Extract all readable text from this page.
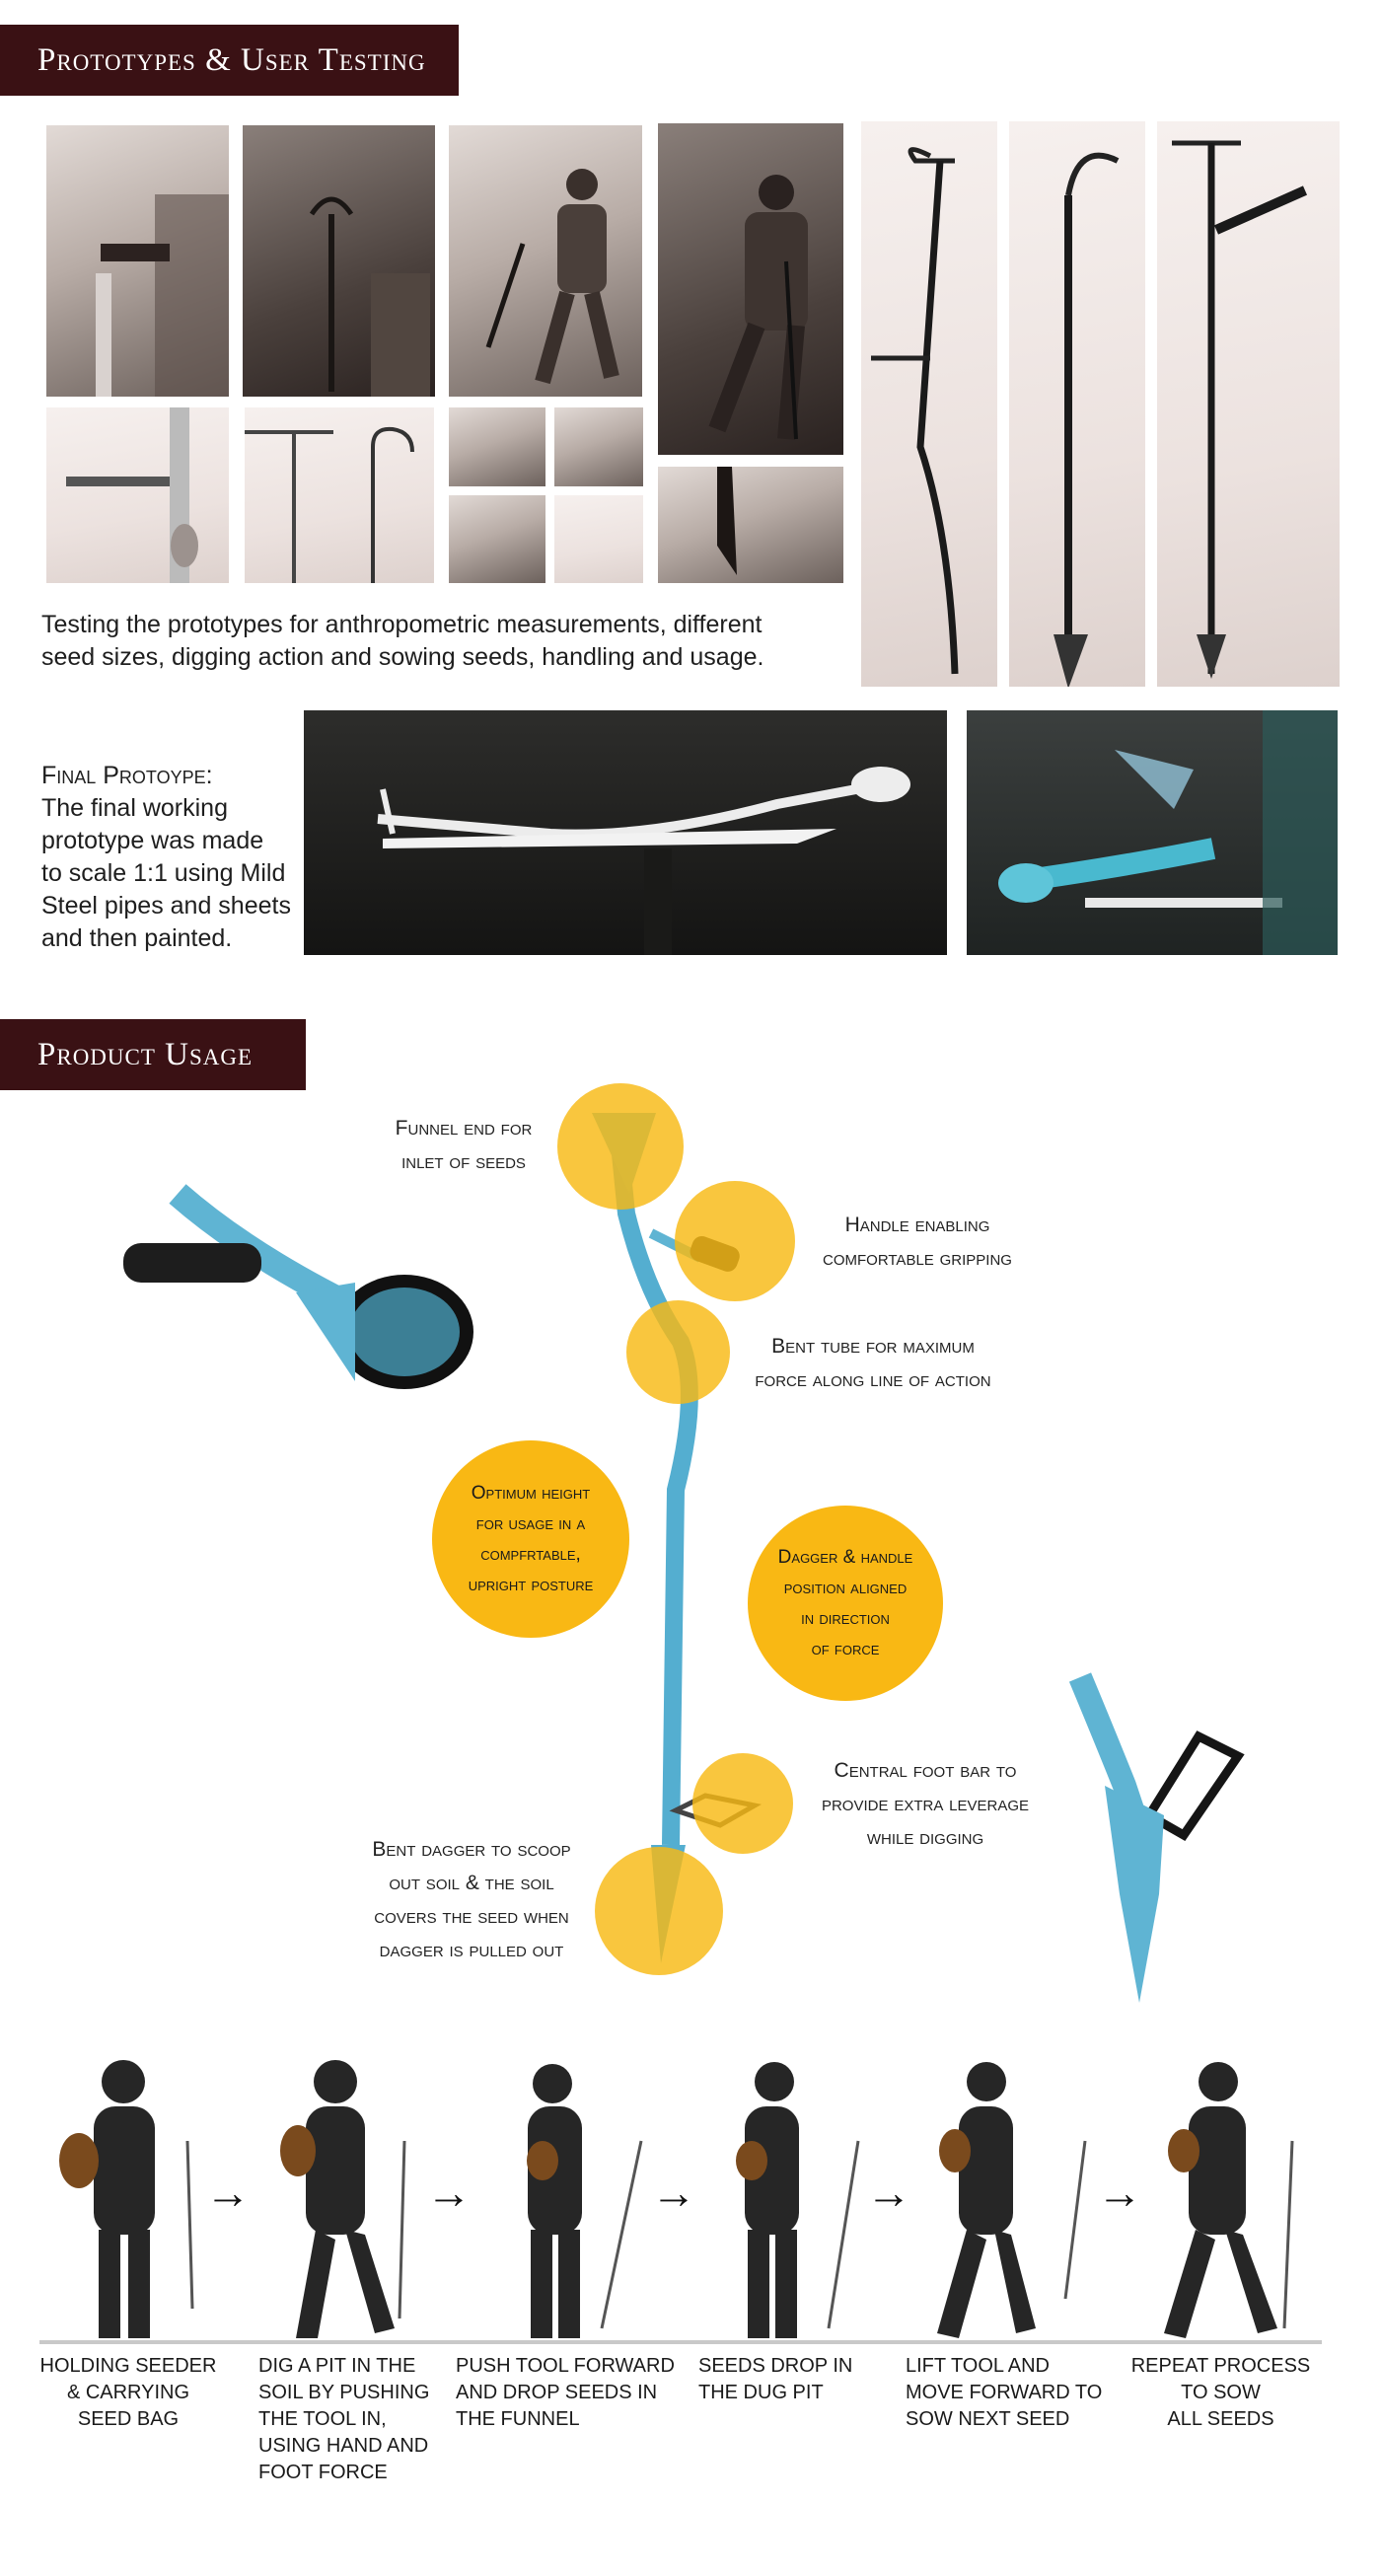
Prototypes & User Testing
Testing the prototypes for anthropometric measurements, different
seed sizes, digging action and sowing seeds, handling and usage.
Final Protoype:
The final working
prototype was made
to scale 1:1 using Mild
Steel pipes and sheets
and then painted.
Product Usage
Funnel end for
inlet of seeds
Handle enabling
comfortable gripping
Bent tube for maximum
force along line of action
Central foot bar to
provide extra leverage
while digging
Bent dagger to scoop
out soil & the soil
covers the seed when
dagger is pulled out
Optimum height
for usage in a
compfrtable,
upright posture
Dagger & handle
position aligned
in direction
of force
→	→	→	→	→
HOLDING SEEDER
& CARRYING
SEED BAG
DIG A PIT IN THE
SOIL BY PUSHING
THE TOOL IN,
USING HAND AND
FOOT FORCE
PUSH TOOL FORWARD
AND DROP SEEDS IN
THE FUNNEL
SEEDS DROP IN
THE DUG PIT
LIFT TOOL AND
MOVE FORWARD TO
SOW NEXT SEED
REPEAT PROCESS
TO SOW
ALL SEEDS
